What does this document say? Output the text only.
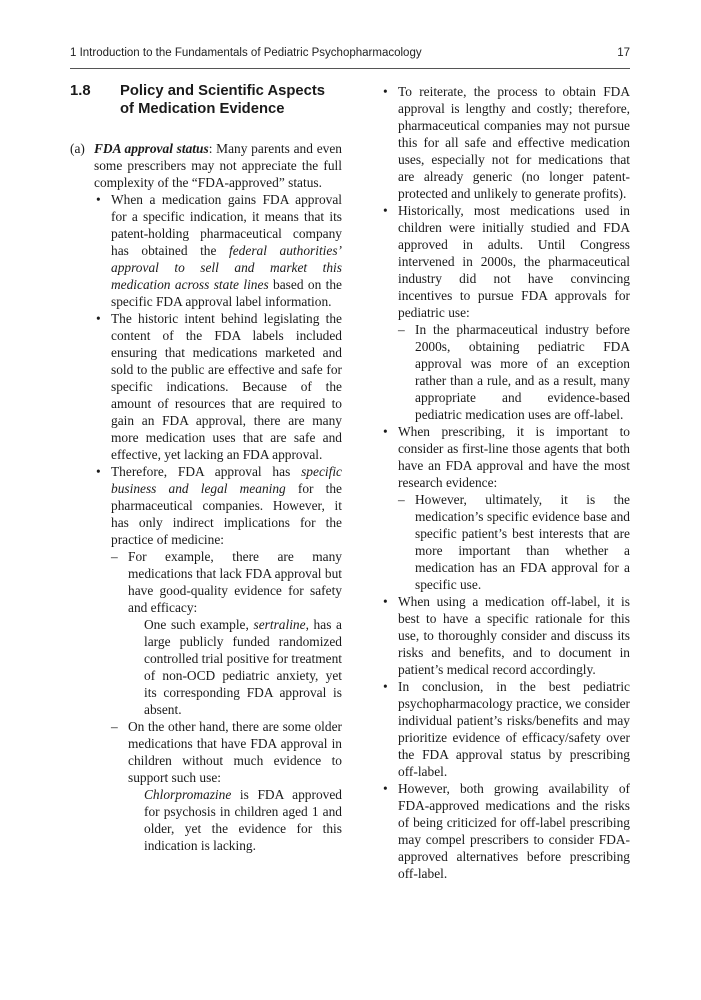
1 Introduction to the Fundamentals of Pediatric Psychopharmacology	17
1.8 Policy and Scientific Aspects of Medication Evidence

(a) FDA approval status: Many parents and even some prescribers may not appreciate the full complexity of the “FDA-approved” status.

• When a medication gains FDA approval for a specific indication, it means that its patent-holding pharmaceutical company has obtained the federal authorities’ approval to sell and market this medication across state lines based on the specific FDA approval label information.

• The historic intent behind legislating the content of the FDA labels included ensuring that medications marketed and sold to the public are effective and safe for specific indications. Because of the amount of resources that are required to gain an FDA approval, there are many more medication uses that are safe and effective, yet lacking an FDA approval.

• Therefore, FDA approval has specific business and legal meaning for the pharmaceutical companies. However, it has only indirect implications for the practice of medicine:

– For example, there are many medications that lack FDA approval but have good-quality evidence for safety and efficacy:

One such example, sertraline, has a large publicly funded randomized controlled trial positive for treatment of non-OCD pediatric anxiety, yet its corresponding FDA approval is absent.

– On the other hand, there are some older medications that have FDA approval in children without much evidence to support such use:

Chlorpromazine is FDA approved for psychosis in children aged 1 and older, yet the evidence for this indication is lacking.

• To reiterate, the process to obtain FDA approval is lengthy and costly; therefore, pharmaceutical companies may not pursue this for all safe and effective medication uses, especially not for medications that are already generic (no longer patent-protected and unlikely to generate profits).

• Historically, most medications used in children were initially studied and FDA approved in adults. Until Congress intervened in 2000s, the pharmaceutical industry did not have convincing incentives to pursue FDA approvals for pediatric use:

– In the pharmaceutical industry before 2000s, obtaining pediatric FDA approval was more of an exception rather than a rule, and as a result, many appropriate and evidence-based pediatric medication uses are off-label.

• When prescribing, it is important to consider as first-line those agents that both have an FDA approval and have the most research evidence:

– However, ultimately, it is the medication’s specific evidence base and specific patient’s best interests that are more important than whether a medication has an FDA approval for a specific use.

• When using a medication off-label, it is best to have a specific rationale for this use, to thoroughly consider and discuss its risks and benefits, and to document in patient’s medical record accordingly.

• In conclusion, in the best pediatric psychopharmacology practice, we consider individual patient’s risks/benefits and may prioritize evidence of efficacy/safety over the FDA approval status by prescribing off-label.

• However, both growing availability of FDA-approved medications and the risks of being criticized for off-label prescribing may compel prescribers to consider FDA-approved alternatives before prescribing off-label.
